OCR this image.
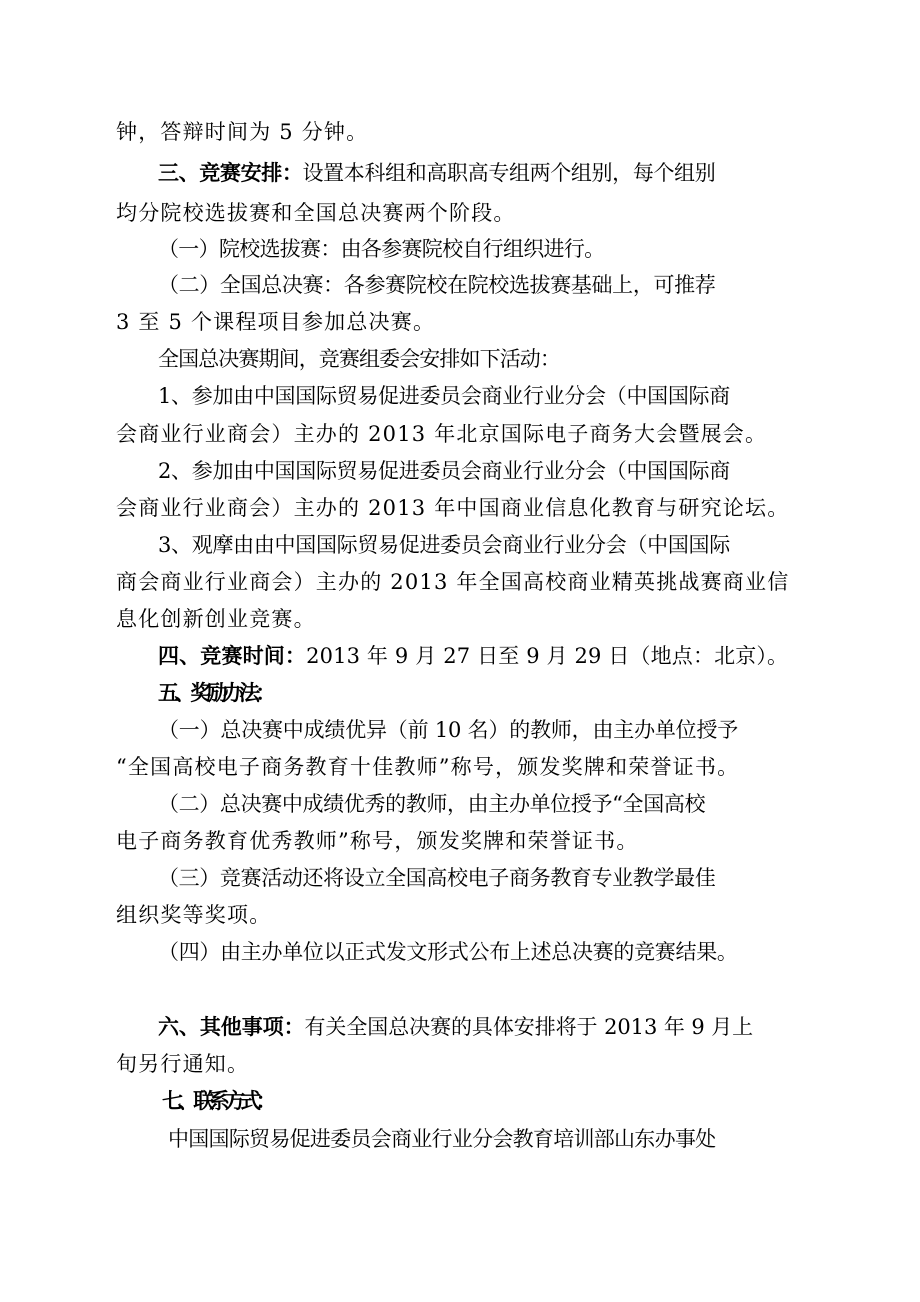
钟，答辩时间为 5 分钟。
三、竞赛安排：设置本科组和高职高专组两个组别，每个组别
均分院校选拔赛和全国总决赛两个阶段。
（一）院校选拔赛：由各参赛院校自行组织进行。
（二）全国总决赛：各参赛院校在院校选拔赛基础上，可推荐
3 至 5 个课程项目参加总决赛。
全国总决赛期间，竞赛组委会安排如下活动：
1、参加由中国国际贸易促进委员会商业行业分会（中国国际商
会商业行业商会）主办的 2013 年北京国际电子商务大会暨展会。
2、参加由中国国际贸易促进委员会商业行业分会（中国国际商
会商业行业商会）主办的 2013 年中国商业信息化教育与研究论坛。
3、观摩由由中国国际贸易促进委员会商业行业分会（中国国际
商会商业行业商会）主办的 2013 年全国高校商业精英挑战赛商业信
息化创新创业竞赛。
四、竞赛时间：2013 年 9 月 27 日至 9 月 29 日（地点：北京）。
五、奖励办法：
（一）总决赛中成绩优异（前 10 名）的教师，由主办单位授予
“全国高校电子商务教育十佳教师”称号，颁发奖牌和荣誉证书。
（二）总决赛中成绩优秀的教师，由主办单位授予“全国高校
电子商务教育优秀教师”称号，颁发奖牌和荣誉证书。
（三）竞赛活动还将设立全国高校电子商务教育专业教学最佳
组织奖等奖项。
（四）由主办单位以正式发文形式公布上述总决赛的竞赛结果。
六、其他事项：有关全国总决赛的具体安排将于 2013 年 9 月上
旬另行通知。
七、联系方式：
中国国际贸易促进委员会商业行业分会教育培训部山东办事处
